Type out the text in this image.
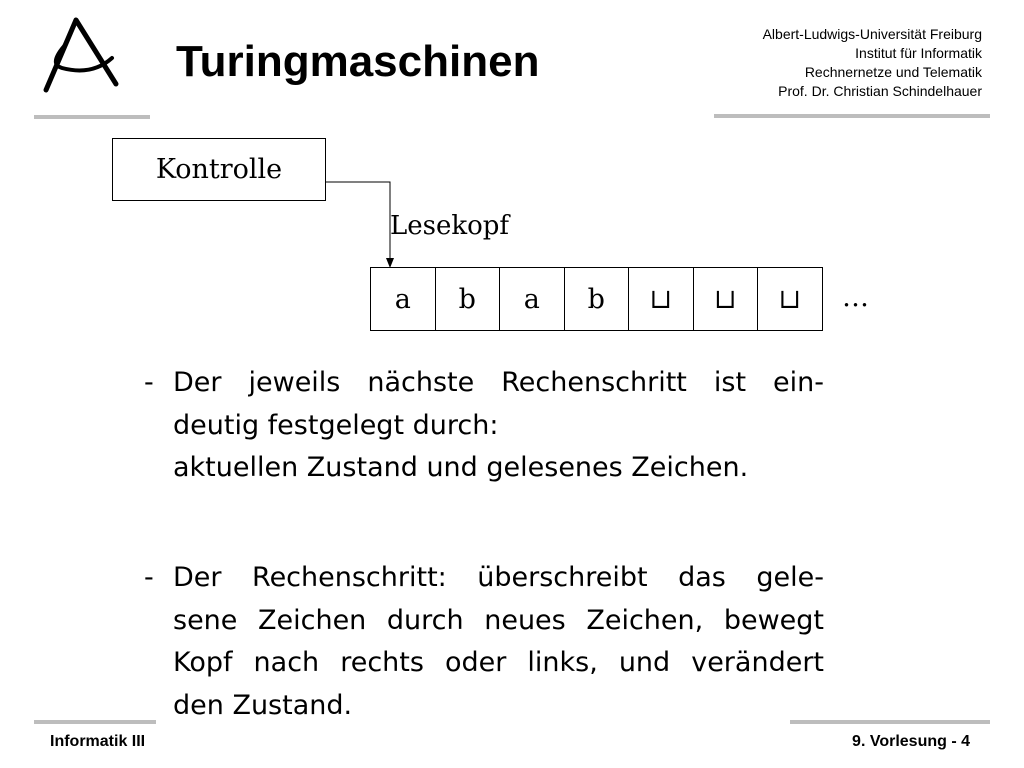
Turingmaschinen
Albert-Ludwigs-Universität Freiburg
Institut für Informatik
Rechnernetze und Telematik
Prof. Dr. Christian Schindelhauer
Kontrolle
Lesekopf
a	b	a	b	⊔	⊔	⊔	…
- Der jeweils nächste Rechenschritt ist ein-
deutig festgelegt durch:
aktuellen Zustand und gelesenes Zeichen.
- Der Rechenschritt: überschreibt das gele-
sene Zeichen durch neues Zeichen, bewegt
Kopf nach rechts oder links, und verändert
den Zustand.
Informatik III	9. Vorlesung - 4
